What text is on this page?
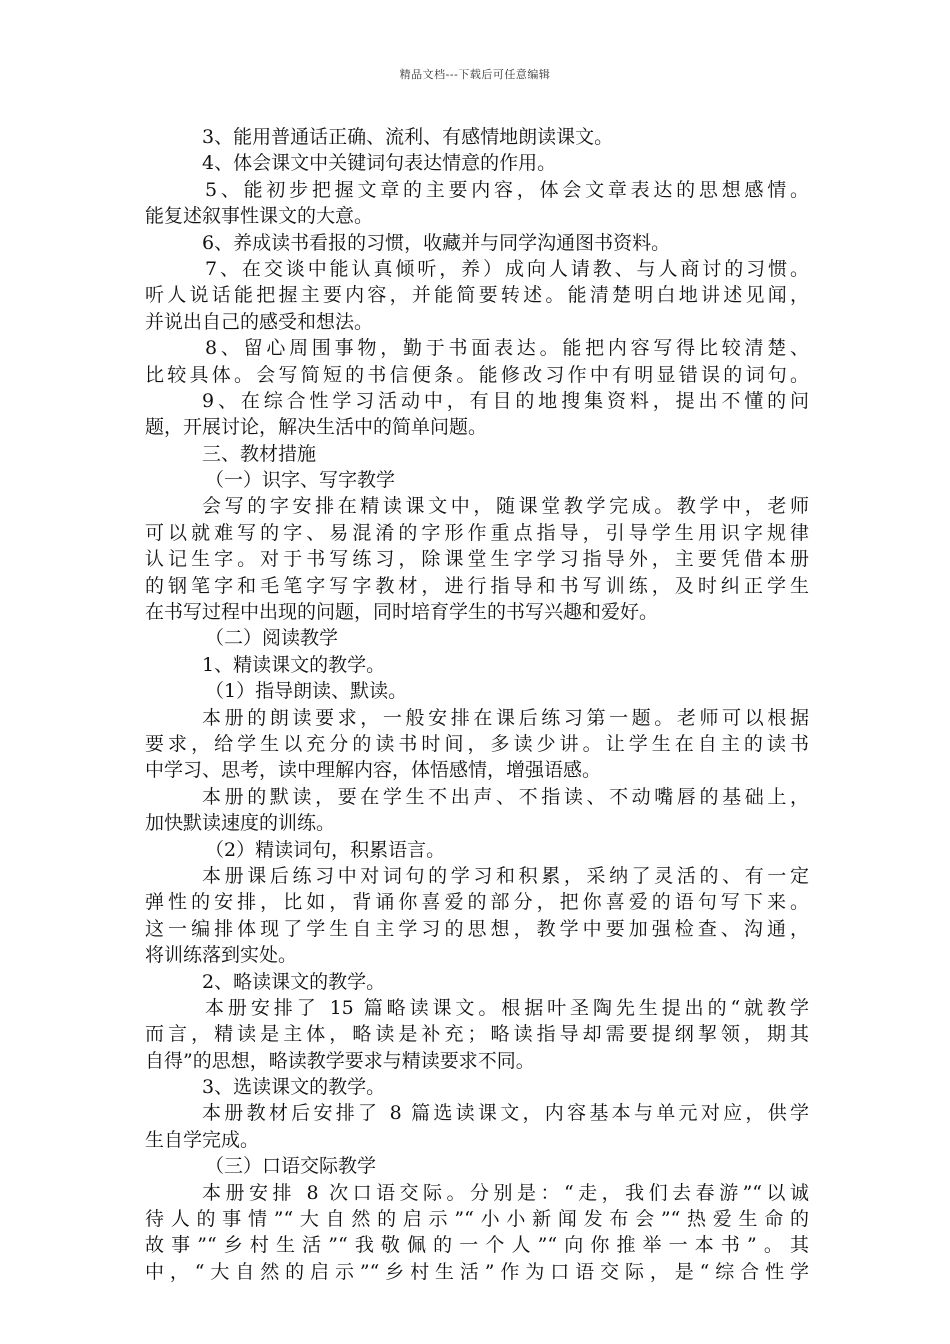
精品文档---下载后可任意编辑
3、能用普通话正确、流利、有感情地朗读课文。
4、体会课文中关键词句表达情意的作用。
5、能初步把握文章的主要内容，体会文章表达的思想感情。
能复述叙事性课文的大意。
6、养成读书看报的习惯，收藏并与同学沟通图书资料。
7、在交谈中能认真倾听，养）成向人请教、与人商讨的习惯。
听人说话能把握主要内容，并能简要转述。能清楚明白地讲述见闻，
并说出自己的感受和想法。
8、留心周围事物，勤于书面表达。能把内容写得比较清楚、
比较具体。会写简短的书信便条。能修改习作中有明显错误的词句。
9、在综合性学习活动中，有目的地搜集资料，提出不懂的问
题，开展讨论，解决生活中的简单问题。
三、教材措施
（一）识字、写字教学
会写的字安排在精读课文中，随课堂教学完成。教学中，老师
可以就难写的字、易混淆的字形作重点指导，引导学生用识字规律
认记生字。对于书写练习，除课堂生字学习指导外，主要凭借本册
的钢笔字和毛笔字写字教材，进行指导和书写训练，及时纠正学生
在书写过程中出现的问题，同时培育学生的书写兴趣和爱好。
（二）阅读教学
1、精读课文的教学。
（1）指导朗读、默读。
本册的朗读要求，一般安排在课后练习第一题。老师可以根据
要求，给学生以充分的读书时间，多读少讲。让学生在自主的读书
中学习、思考，读中理解内容，体悟感情，增强语感。
本册的默读，要在学生不出声、不指读、不动嘴唇的基础上，
加快默读速度的训练。
（2）精读词句，积累语言。
本册课后练习中对词句的学习和积累，采纳了灵活的、有一定
弹性的安排，比如，背诵你喜爱的部分，把你喜爱的语句写下来。
这一编排体现了学生自主学习的思想，教学中要加强检查、沟通，
将训练落到实处。
2、略读课文的教学。
本册安排了 15 篇略读课文。根据叶圣陶先生提出的“就教学
而言，精读是主体，略读是补充；略读指导却需要提纲挈领，期其
自得”的思想，略读教学要求与精读要求不同。
3、选读课文的教学。
本册教材后安排了 8 篇选读课文，内容基本与单元对应，供学
生自学完成。
（三）口语交际教学
本册安排 8 次口语交际。分别是：“走，我们去春游”“以诚
待人的事情”“大自然的启示”“小小新闻发布会”“热爱生命的
故事”“乡村生活”“我敬佩的一个人”“向你推举一本书”。其
中，“大自然的启示”“乡村生活”作为口语交际，是“综合性学
